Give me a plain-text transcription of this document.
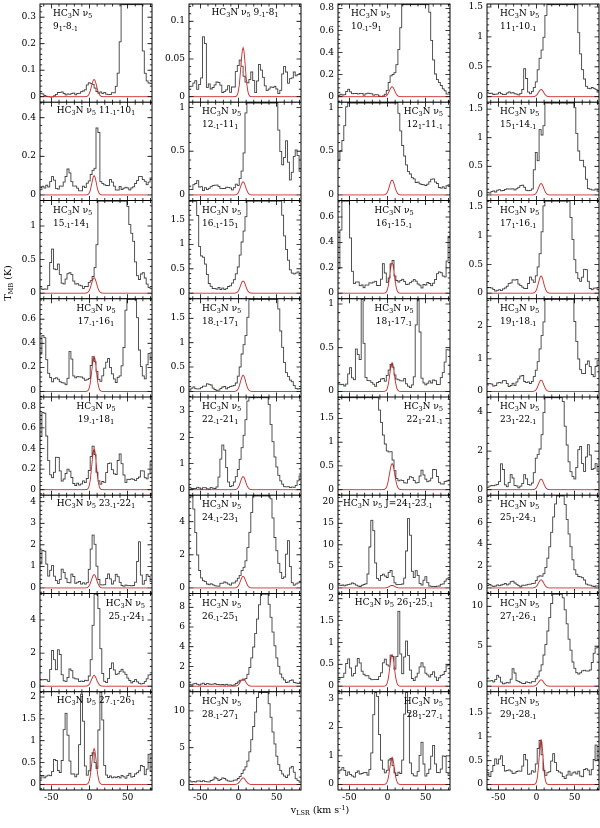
0
0.1
0.2
0.3 $HC_3N$ $\nu_5$
$9_1-8_{-1}$
0
0.05
0.1
$HC_3N$ $\nu_5$ $9_{-1}-8_1$
0
0.2
0.4
0.6
0.8
$HC_3N$ $\nu_5$
$10_{-1}-9_1$
0
0.5
1
1.5
$HC_3N$ $\nu_5$
$11_1-10_{-1}$
0
0.2
0.4
$HC_3N$ $\nu_5$ $11_{-1}-10_1$
0
0.5
1 $HC_3N$ $\nu_5$
$12_{-1}-11_1$
0
0.5
1	$HC_3N$ $\nu_5$
$12_1-11_{-1}$
0
0.5
1
1.5 $HC_3N$ $\nu_5$
$15_1-14_{-1}$
0
0.5
1
$HC_3N$ $\nu_5$
$15_{-1}-14_1$
0
0.5
1
1.5
$HC_3N$ $\nu_5$
$16_{-1}-15_1$
0
0.2
0.4
0.6
$HC_3N$ $\nu_5$
$16_1-15_{-1}$
0
0.5
1
1.5 $HC_3N$ $\nu_5$
$17_1-16_{-1}$
0
0.2
0.4
0.6
$HC_3N$ $\nu_5$
$17_{-1}-16_1$
0
0.5
1
1.5
$HC_3N$ $\nu_5$
$18_{-1}-17_1$
0
0.5
1	$HC_3N$ $\nu_5$
$18_1-17_{-1}$
0
1
2
$HC_3N$ $\nu_5$
$19_1-18_{-1}$
0
0.2
0.4
0.6
0.8	$HC_3N$ $\nu_5$
$19_{-1}-18_1$
0
1
2
3 $HC_3N$ $\nu_5$
$22_{-1}-21_1$
0
0.5
1
1.5
$HC_3N$ $\nu_5$
$22_1-21_{-1}$
0
2
4
$HC_3N$ $\nu_5$
$23_1-22_{-1}$
0
1
2
3
4	$HC_3N$ $\nu_5$ $23_{-1}-22_1$
0
2
4
$HC_3N$ $\nu_5$
$24_{-1}-23_1$
0
5
10
15
20 $HC_3N$ $\nu_5$ $J=24_1-23_{-1}$
0
2
4
6
8 $HC_3N$ $\nu_5$
$25_1-24_{-1}$
0
2
4
$HC_3N$ $\nu_5$
$25_{-1}-24_1$
0
2
4
6
8 $HC_3N$ $\nu_5$
$26_{-1}-25_1$
0
0.5
1
1.5
2	$HC_3N$ $\nu_5$ $26_1-25_{-1}$
0
5
10 $HC_3N$ $\nu_5$
$27_1-26_{-1}$
0
0.5
1
1.5
2
-50	0	50
$HC_3N$ $\nu_5$ $27_{-1}-26_1$
0
5
10
-50	0	50
$HC_3N$ $\nu_5$
$28_{-1}-27_1$
0
1
2
3
-50	0	50
$HC_3N$ $\nu_5$
$28_1-27_{-1}$
0
0.5
1
1.5
-50	0	50
$HC_3N$ $\nu_5$
$29_1-28_{-1}$
$T_{MB}$ (K)
$v_{LSR}$ (km $s^{-1}$)
